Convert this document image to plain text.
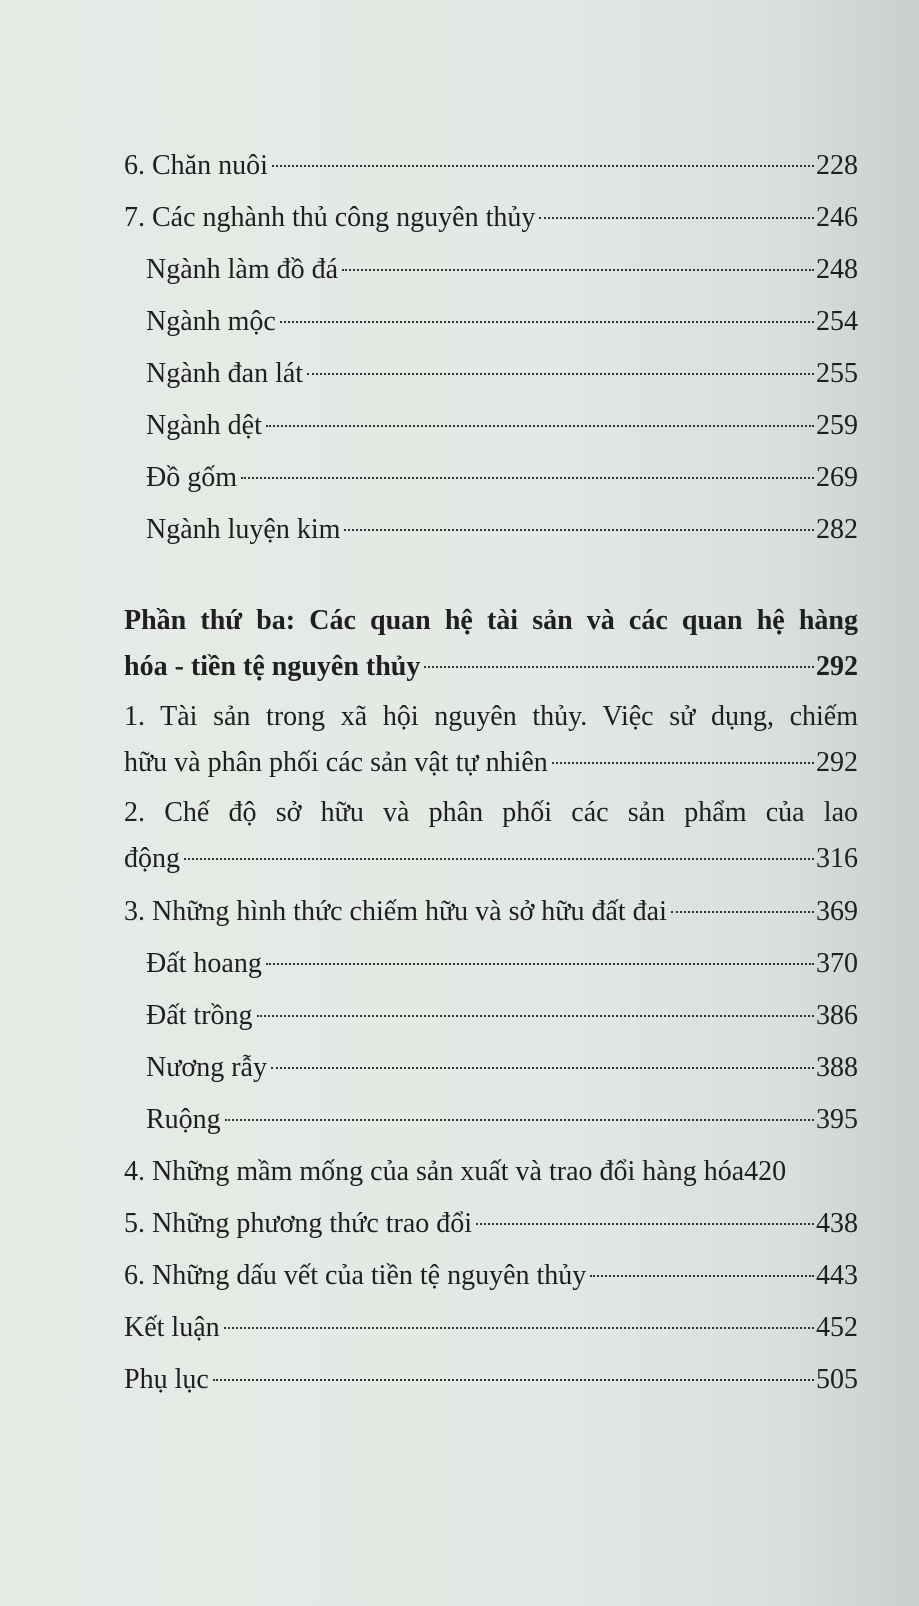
6. Chăn nuôi	228
7. Các nghành thủ công nguyên thủy	246
Ngành làm đồ đá	248
Ngành mộc	254
Ngành đan lát	255
Ngành dệt	259
Đồ gốm	269
Ngành luyện kim	282
Phần thứ ba: Các quan hệ tài sản và các quan hệ hàng
hóa - tiền tệ nguyên thủy	292
1. Tài sản trong xã hội nguyên thủy. Việc sử dụng, chiếm
hữu và phân phối các sản vật tự nhiên	292
2. Chế độ sở hữu và phân phối các sản phẩm của lao
động	316
3. Những hình thức chiếm hữu và sở hữu đất đai	369
Đất hoang	370
Đất trồng	386
Nương rẫy	388
Ruộng	395
4. Những mầm mống của sản xuất và trao đổi hàng hóa 420
5. Những phương thức trao đổi	438
6. Những dấu vết của tiền tệ nguyên thủy	443
Kết luận	452
Phụ lục	505
